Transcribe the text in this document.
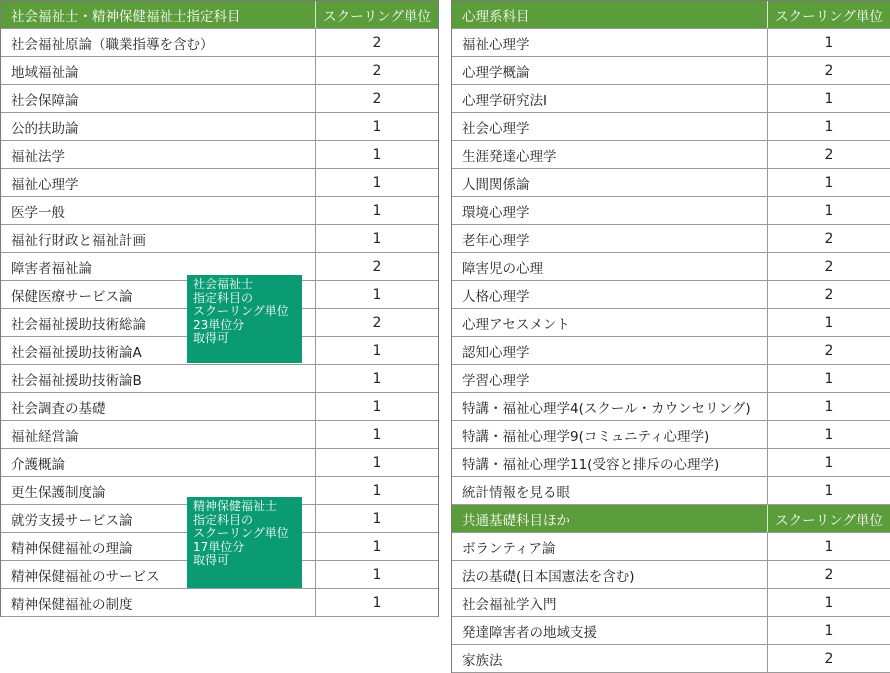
社会福祉士・精神保健福祉士指定科目	スクーリング単位
社会福祉原論（職業指導を含む）	2
地域福祉論	2
社会保障論	2
公的扶助論	1
福祉法学	1
福祉心理学	1
医学一般	1
福祉行財政と福祉計画	1
障害者福祉論	2
保健医療サービス論	1
社会福祉援助技術総論	2
社会福祉援助技術論A	1
社会福祉援助技術論B	1
社会調査の基礎	1
福祉経営論	1
介護概論	1
更生保護制度論	1
就労支援サービス論	1
精神保健福祉の理論	1
精神保健福祉のサービス	1
精神保健福祉の制度	1
社会福祉士
指定科目の
スクーリング単位
23単位分
取得可
精神保健福祉士
指定科目の
スクーリング単位
17単位分
取得可
心理系科目	スクーリング単位
福祉心理学	1
心理学概論	2
心理学研究法I	1
社会心理学	1
生涯発達心理学	2
人間関係論	1
環境心理学	1
老年心理学	2
障害児の心理	2
人格心理学	2
心理アセスメント	1
認知心理学	2
学習心理学	1
特講・福祉心理学4(スクール・カウンセリング)	1
特講・福祉心理学9(コミュニティ心理学)	1
特講・福祉心理学11(受容と排斥の心理学)	1
統計情報を見る眼	1
共通基礎科目ほか	スクーリング単位
ボランティア論	1
法の基礎(日本国憲法を含む)	2
社会福祉学入門	1
発達障害者の地域支援	1
家族法	2
